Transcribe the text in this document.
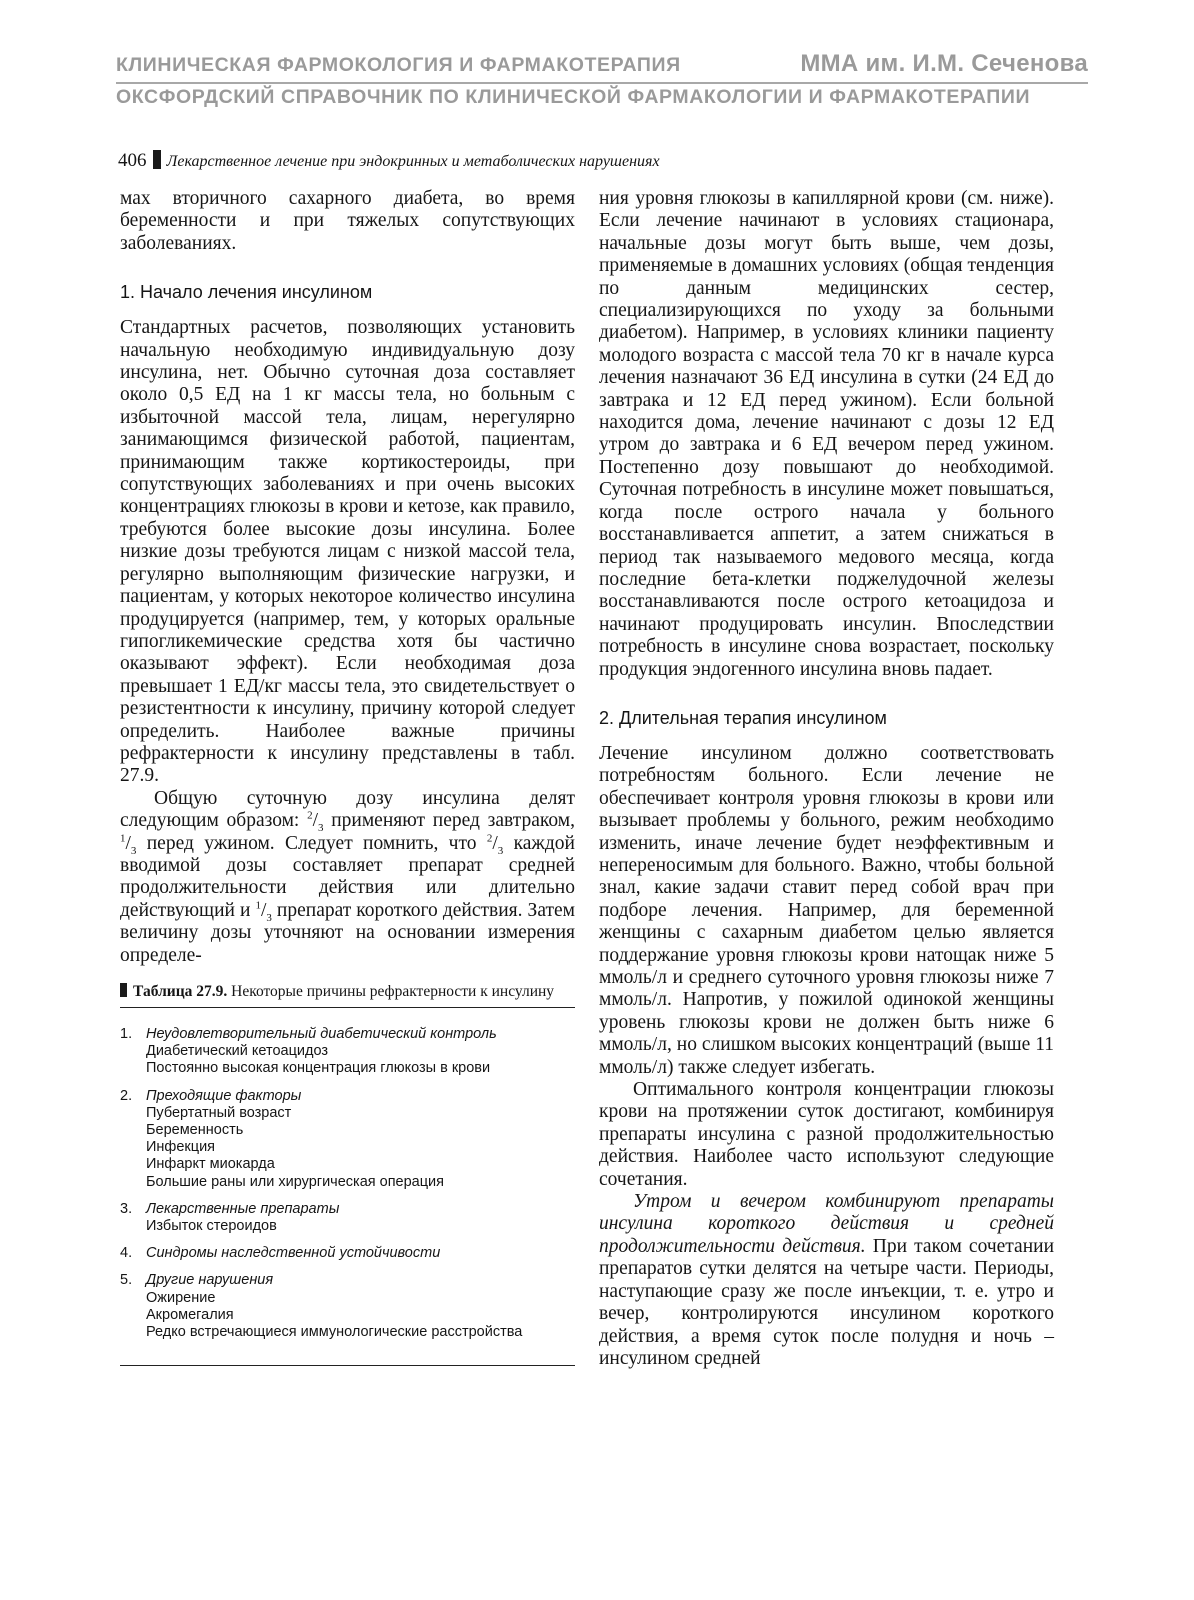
КЛИНИЧЕСКАЯ ФАРМОКОЛОГИЯ И ФАРМАКОТЕРАПИЯ	ММА им. И.М. Сеченова
ОКСФОРДСКИЙ СПРАВОЧНИК ПО КЛИНИЧЕСКОЙ ФАРМАКОЛОГИИ И ФАРМАКОТЕРАПИИ
406 Лекарственное лечение при эндокринных и метаболических нарушениях

мах вторичного сахарного диабета, во время беременности и при тяжелых сопутствующих заболеваниях.

1. Начало лечения инсулином

Стандартных расчетов, позволяющих установить начальную необходимую индивидуальную дозу инсулина, нет. Обычно суточная доза составляет около 0,5 ЕД на 1 кг массы тела, но больным с избыточной массой тела, лицам, нерегулярно занимающимся физической работой, пациентам, принимающим также кортикостероиды, при сопутствующих заболеваниях и при очень высоких концентрациях глюкозы в крови и кетозе, как правило, требуются более высокие дозы инсулина. Более низкие дозы требуются лицам с низкой массой тела, регулярно выполняющим физические нагрузки, и пациентам, у которых некоторое количество инсулина продуцируется (например, тем, у которых оральные гипогликемические средства хотя бы частично оказывают эффект). Если необходимая доза превышает 1 ЕД/кг массы тела, это свидетельствует о резистентности к инсулину, причину которой следует определить. Наиболее важные причины рефрактерности к инсулину представлены в табл. 27.9.

Общую суточную дозу инсулина делят следующим образом: $^2/_3$ применяют перед завтраком, $^1/_3$ перед ужином. Следует помнить, что $^2/_3$ каждой вводимой дозы составляет препарат средней продолжительности действия или длительно действующий и $^1/_3$ препарат короткого действия. Затем величину дозы уточняют на основании измерения определе-

Таблица 27.9. Некоторые причины рефрактерности к инсулину
1. Неудовлетворительный диабетический контроль
Диабетический кетоацидоз
Постоянно высокая концентрация глюкозы в крови
2. Преходящие факторы
Пубертатный возраст
Беременность
Инфекция
Инфаркт миокарда
Большие раны или хирургическая операция
3. Лекарственные препараты
Избыток стероидов
4. Синдромы наследственной устойчивости
5. Другие нарушения
Ожирение
Акромегалия
Редко встречающиеся иммунологические расстройства

ния уровня глюкозы в капиллярной крови (см. ниже). Если лечение начинают в условиях стационара, начальные дозы могут быть выше, чем дозы, применяемые в домашних условиях (общая тенденция по данным медицинских сестер, специализирующихся по уходу за больными диабетом). Например, в условиях клиники пациенту молодого возраста с массой тела 70 кг в начале курса лечения назначают 36 ЕД инсулина в сутки (24 ЕД до завтрака и 12 ЕД перед ужином). Если больной находится дома, лечение начинают с дозы 12 ЕД утром до завтрака и 6 ЕД вечером перед ужином. Постепенно дозу повышают до необходимой. Суточная потребность в инсулине может повышаться, когда после острого начала у больного восстанавливается аппетит, а затем снижаться в период так называемого медового месяца, когда последние бета-клетки поджелудочной железы восстанавливаются после острого кетоацидоза и начинают продуцировать инсулин. Впоследствии потребность в инсулине снова возрастает, поскольку продукция эндогенного инсулина вновь падает.

2. Длительная терапия инсулином

Лечение инсулином должно соответствовать потребностям больного. Если лечение не обеспечивает контроля уровня глюкозы в крови или вызывает проблемы у больного, режим необходимо изменить, иначе лечение будет неэффективным и непереносимым для больного. Важно, чтобы больной знал, какие задачи ставит перед собой врач при подборе лечения. Например, для беременной женщины с сахарным диабетом целью является поддержание уровня глюкозы крови натощак ниже 5 ммоль/л и среднего суточного уровня глюкозы ниже 7 ммоль/л. Напротив, у пожилой одинокой женщины уровень глюкозы крови не должен быть ниже 6 ммоль/л, но слишком высоких концентраций (выше 11 ммоль/л) также следует избегать.

Оптимального контроля концентрации глюкозы крови на протяжении суток достигают, комбинируя препараты инсулина с разной продолжительностью действия. Наиболее часто используют следующие сочетания.

Утром и вечером комбинируют препараты инсулина короткого действия и средней продолжительности действия. При таком сочетании препаратов сутки делятся на четыре части. Периоды, наступающие сразу же после инъекции, т. е. утро и вечер, контролируются инсулином короткого действия, а время суток после полудня и ночь – инсулином средней
